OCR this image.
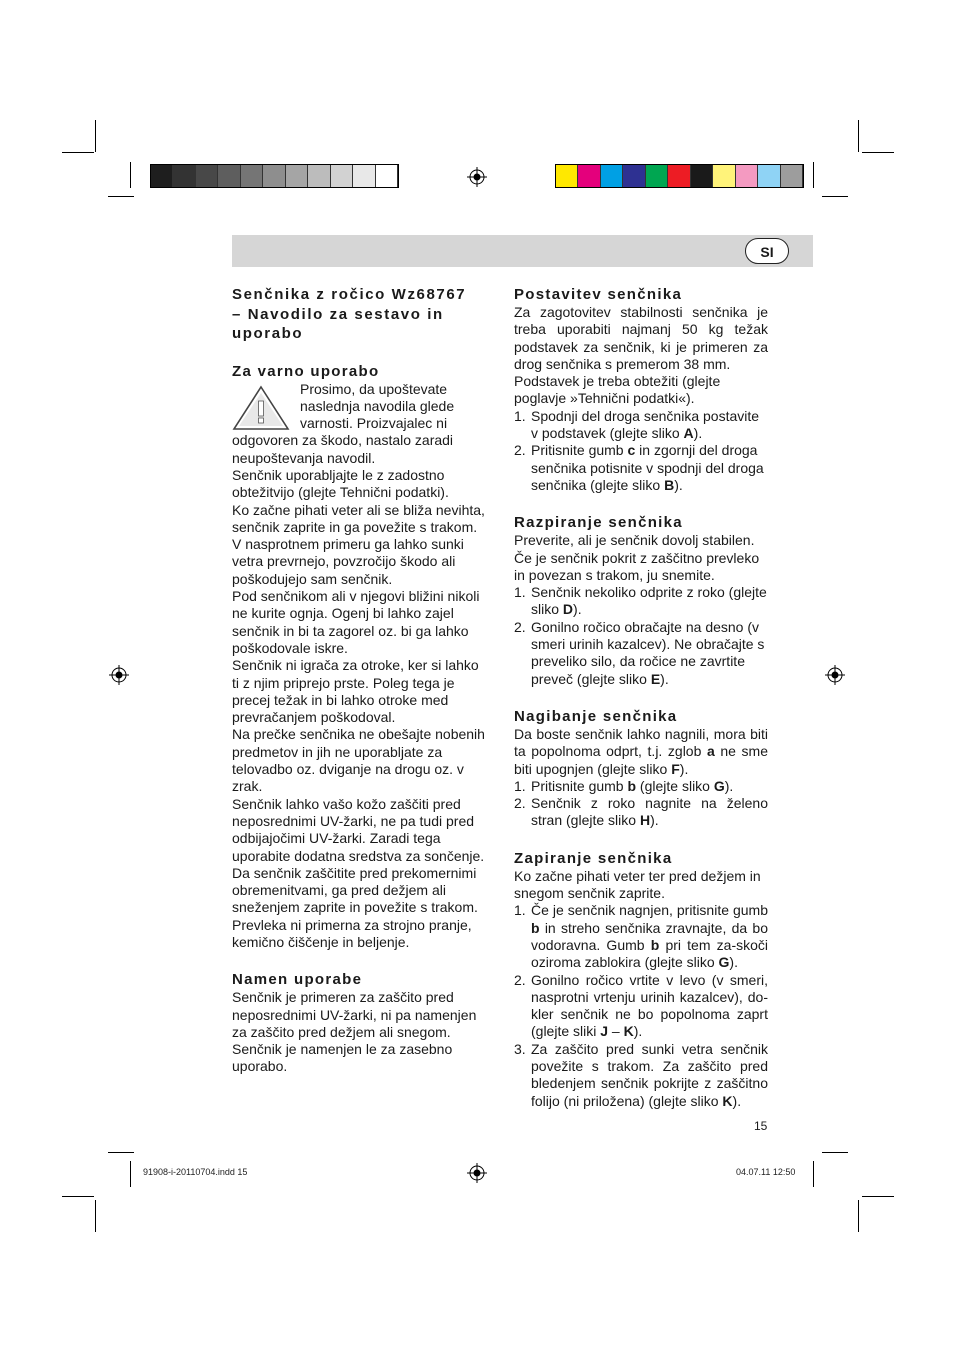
SI
Senčnika z ročico Wz68767
– Navodilo za sestavo in
uporabo
Za varno uporabo

Prosimo, da upoštevate

naslednja navodila glede

varnosti. Proizvajalec ni

odgovoren za škodo, nastalo zaradi neupoštevanja navodil.

Senčnik uporabljajte le z zadostno obtežitvijo (glejte Tehnični podatki).

Ko začne pihati veter ali se bliža nevihta, senčnik zaprite in ga povežite s trakom. V nasprotnem primeru ga lahko sunki vetra prevrnejo, povzročijo škodo ali poškodujejo sam senčnik.

Pod senčnikom ali v njegovi bližini nikoli ne kurite ognja. Ogenj bi lahko zajel senčnik in bi ta zagorel oz. bi ga lahko poškodovale iskre.

Senčnik ni igrača za otroke, ker si lahko ti z njim priprejo prste. Poleg tega je precej težak in bi lahko otroke med prevračanjem poškodoval.

Na prečke senčnika ne obešajte nobenih predmetov in jih ne uporabljate za telovadbo oz. dviganje na drogu oz. v zrak.

Senčnik lahko vašo kožo zaščiti pred neposrednimi UV-žarki, ne pa tudi pred odbijajočimi UV-žarki. Zaradi tega uporabite dodatna sredstva za sončenje.

Da senčnik zaščitite pred prekomernimi obremenitvami, ga pred dežjem ali sneženjem zaprite in povežite s trakom. Prevleka ni primerna za strojno pranje, kemično čiščenje in beljenje.

Namen uporabe

Senčnik je primeren za zaščito pred neposrednimi UV-žarki, ni pa namenjen za zaščito pred dežjem ali snegom.

Senčnik je namenjen le za zasebno uporabo.

Postavitev senčnika

Za zagotovitev stabilnosti senčnika je treba uporabiti najmanj 50 kg težak podstavek za senčnik, ki je primeren za drog senčnika s premerom 38 mm.

Podstavek je treba obtežiti (glejte poglavje »Tehnični podatki«).

1. Spodnji del droga senčnika postavite v podstavek (glejte sliko A).
2. Pritisnite gumb c in zgornji del droga senčnika potisnite v spodnji del droga senčnika (glejte sliko B).
Razpiranje senčnika

Preverite, ali je senčnik dovolj stabilen.

Če je senčnik pokrit z zaščitno prevleko in povezan s trakom, ju snemite.

1. Senčnik nekoliko odprite z roko (glejte sliko D).
2. Gonilno ročico obračajte na desno (v smeri urinih kazalcev). Ne obračajte s preveliko silo, da ročice ne zavrtite preveč (glejte sliko E).
Nagibanje senčnika

Da boste senčnik lahko nagnili, mora biti ta popolnoma odprt, t.j. zglob a ne sme biti upognjen (glejte sliko F).

1. Pritisnite gumb b (glejte sliko G).
2. Senčnik z roko nagnite na želeno stran (glejte sliko H).
Zapiranje senčnika

Ko začne pihati veter ter pred dežjem in snegom senčnik zaprite.

1. Če je senčnik nagnjen, pritisnite gumb b in streho senčnika zravnajte, da bo vodoravna. Gumb b pri tem za-skoči oziroma zablokira (glejte sliko G).
2. Gonilno ročico vrtite v levo (v smeri, nasprotni vrtenju urinih kazalcev), do-kler senčnik ne bo popolnoma zaprt (glejte sliki J – K).
3. Za zaščito pred sunki vetra senčnik povežite s trakom. Za zaščito pred bledenjem senčnik pokrijte z zaščitno folijo (ni priložena) (glejte sliko K).
15
91908-i-20110704.indd 15	04.07.11 12:50
